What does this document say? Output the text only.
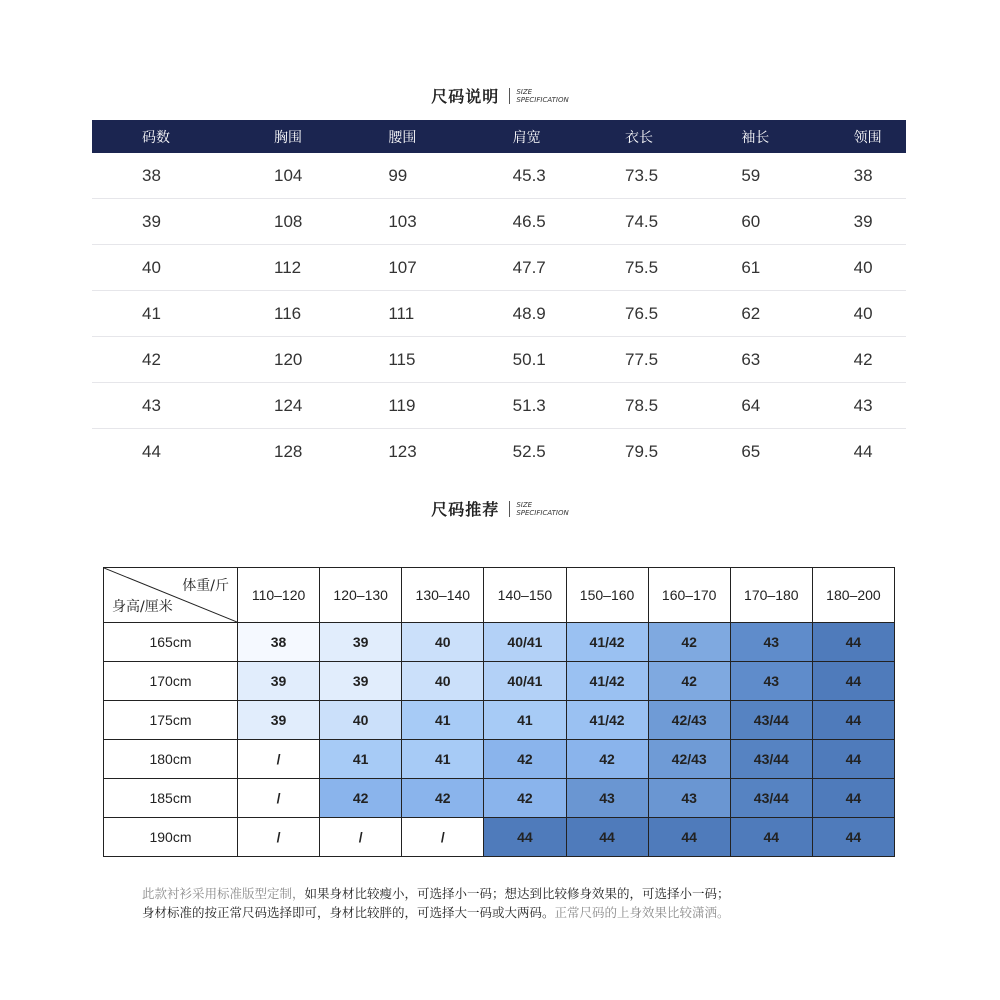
尺码说明 SIZE
SPECIFICATION
码数	胸围	腰围	肩宽	衣长	袖长	领围
38	104	99	45.3	73.5	59	38
39	108	103	46.5	74.5	60	39
40	112	107	47.7	75.5	61	40
41	116	111	48.9	76.5	62	40
42	120	115	50.1	77.5	63	42
43	124	119	51.3	78.5	64	43
44	128	123	52.5	79.5	65	44
尺码推荐 SIZE
SPECIFICATION
体重/斤
身高/厘米	110–120	120–130	130–140	140–150	150–160	160–170	170–180	180–200
165cm	38	39	40	40/41	41/42	42	43	44
170cm	39	39	40	40/41	41/42	42	43	44
175cm	39	40	41	41	41/42	42/43	43/44	44
180cm	/	41	41	42	42	42/43	43/44	44
185cm	/	42	42	42	43	43	43/44	44
190cm	/	/	/	44	44	44	44	44
此款衬衫采用标准版型定制，如果身材比较瘦小，可选择小一码；想达到比较修身效果的，可选择小一码；
身材标准的按正常尺码选择即可，身材比较胖的，可选择大一码或大两码。正常尺码的上身效果比较潇洒。
